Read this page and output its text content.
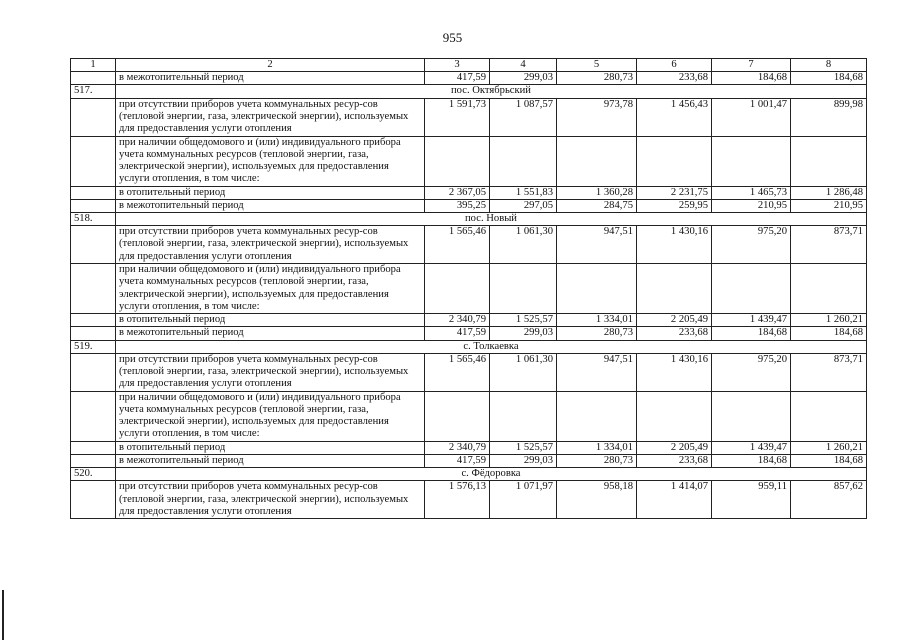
955
1	2	3	4	5	6	7	8
	в межотопительный период	417,59	299,03	280,73	233,68	184,68	184,68
517.	пос. Октябрьский						
	при отсутствии приборов учета коммунальных ресур-сов (тепловой энергии, газа, электрической энергии), используемых для предоставления услуги отопления	1 591,73	1 087,57	973,78	1 456,43	1 001,47	899,98
	при наличии общедомового и (или) индивидуального прибора учета коммунальных ресурсов (тепловой энергии, газа, электрической энергии), используемых для предоставления услуги отопления, в том числе:						
	в отопительный период	2 367,05	1 551,83	1 360,28	2 231,75	1 465,73	1 286,48
	в межотопительный период	395,25	297,05	284,75	259,95	210,95	210,95
518.	пос. Новый						
	при отсутствии приборов учета коммунальных ресур-сов (тепловой энергии, газа, электрической энергии), используемых для предоставления услуги отопления	1 565,46	1 061,30	947,51	1 430,16	975,20	873,71
	при наличии общедомового и (или) индивидуального прибора учета коммунальных ресурсов (тепловой энергии, газа, электрической энергии), используемых для предоставления услуги отопления, в том числе:						
	в отопительный период	2 340,79	1 525,57	1 334,01	2 205,49	1 439,47	1 260,21
	в межотопительный период	417,59	299,03	280,73	233,68	184,68	184,68
519.	с. Толкаевка						
	при отсутствии приборов учета коммунальных ресур-сов (тепловой энергии, газа, электрической энергии), используемых для предоставления услуги отопления	1 565,46	1 061,30	947,51	1 430,16	975,20	873,71
	при наличии общедомового и (или) индивидуального прибора учета коммунальных ресурсов (тепловой энергии, газа, электрической энергии), используемых для предоставления услуги отопления, в том числе:						
	в отопительный период	2 340,79	1 525,57	1 334,01	2 205,49	1 439,47	1 260,21
	в межотопительный период	417,59	299,03	280,73	233,68	184,68	184,68
520.	с. Фёдоровка						
	при отсутствии приборов учета коммунальных ресур-сов (тепловой энергии, газа, электрической энергии), используемых для предоставления услуги отопления	1 576,13	1 071,97	958,18	1 414,07	959,11	857,62
